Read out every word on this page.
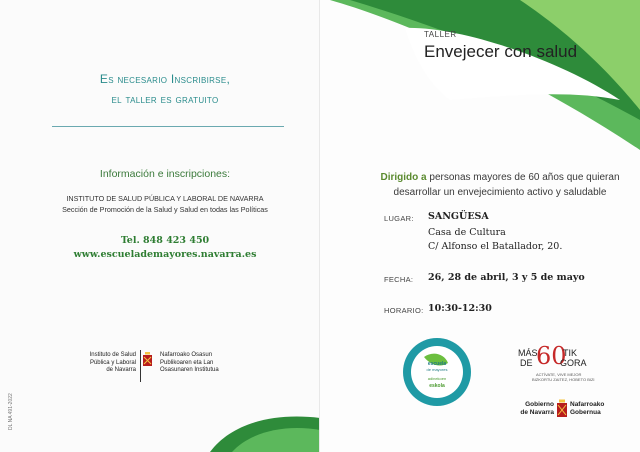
Es necesario Inscribirse,
el taller es gratuito
Información e inscripciones:
INSTITUTO DE SALUD PÚBLICA Y LABORAL DE NAVARRA
Sección de Promoción de la Salud y Salud en todas las Políticas
Tel. 848 423 450
www.escuelademayores.navarra.es
Instituto de Salud
Pública y Laboral
de Navarra
Nafarroako Osasun
Publikoaren eta Lan
Osasunaren Institutua
DL NA 491-2022
TALLER
Envejecer con salud
Dirigido a personas mayores de 60 años que quieran
desarrollar un envejecimiento activo y saludable
LUGAR: SANGÜESA
Casa de Cultura
C/ Alfonso el Batallador, 20.
FECHA: 26, 28 de abril, 3 y 5 de mayo
HORARIO: 10:30-12:30
escuela
de mayores
adinekoen
eskola
MÁS
DE 60
TIK
GORA
ACTÍVATE, VIVE MEJOR
BIZKORTU ZAITEZ, HOBETO BIZI
Gobierno
de Navarra
Nafarroako
Gobernua
